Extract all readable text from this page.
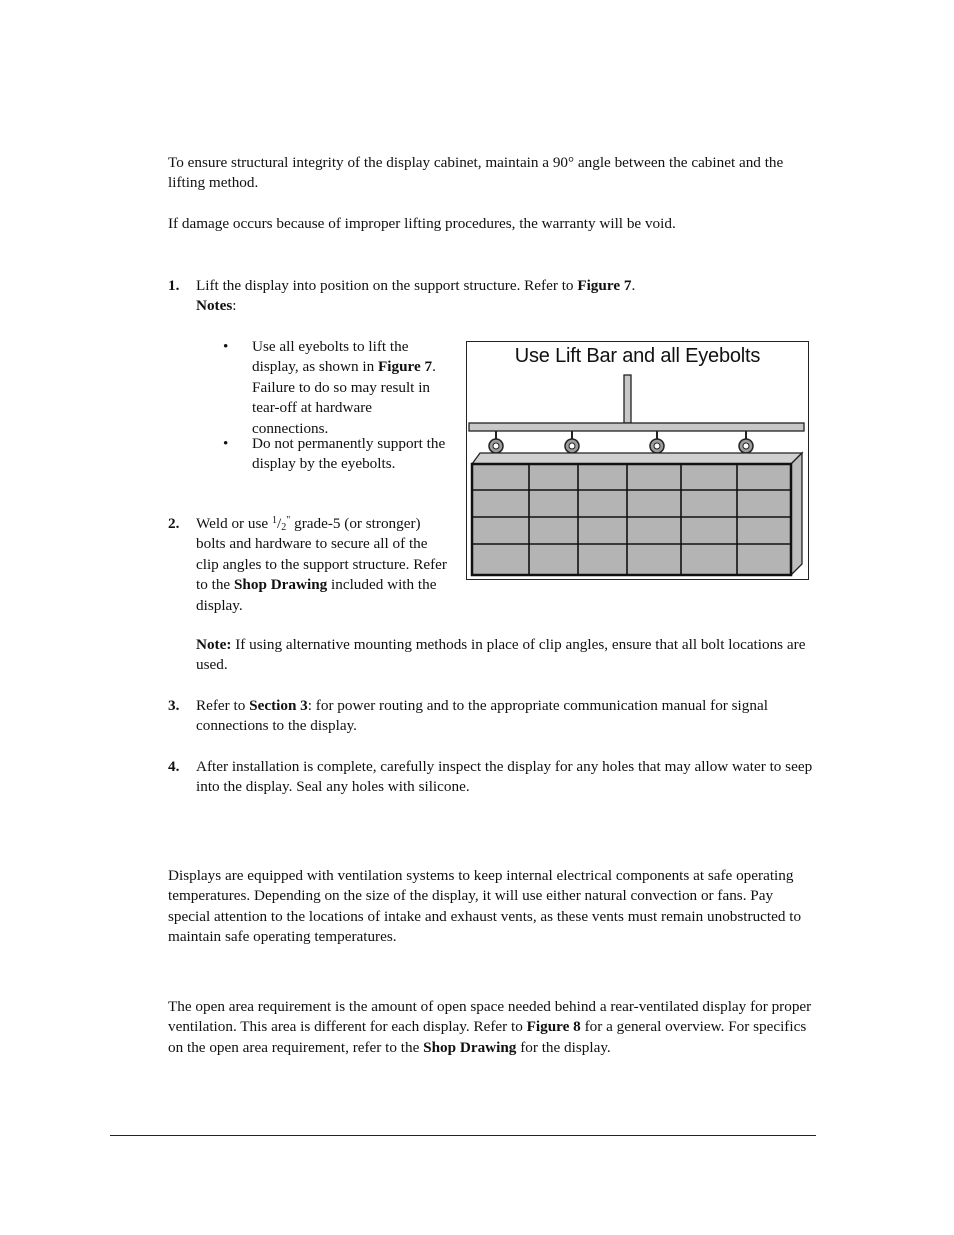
To ensure structural integrity of the display cabinet, maintain a 90° angle between the cabinet and the lifting method.

If damage occurs because of improper lifting procedures, the warranty will be void.

1. Lift the display into position on the support structure. Refer to Figure 7.

Notes:

• Use all eyebolts to lift the display, as shown in Figure 7. Failure to do so may result in tear-off at hardware connections.

• Do not permanently support the display by the eyebolts.

2. Weld or use $^1/_2^"$ grade-5 (or stronger) bolts and hardware to secure all of the clip angles to the support structure. Refer to the Shop Drawing included with the display.

Use Lift Bar and all Eyebolts

Note: If using alternative mounting methods in place of clip angles, ensure that all bolt locations are used.

3. Refer to Section 3: for power routing and to the appropriate communication manual for signal connections to the display.

4. After installation is complete, carefully inspect the display for any holes that may allow water to seep into the display. Seal any holes with silicone.

Displays are equipped with ventilation systems to keep internal electrical components at safe operating temperatures. Depending on the size of the display, it will use either natural convection or fans. Pay special attention to the locations of intake and exhaust vents, as these vents must remain unobstructed to maintain safe operating temperatures.

The open area requirement is the amount of open space needed behind a rear-ventilated display for proper ventilation. This area is different for each display. Refer to Figure 8 for a general overview. For specifics on the open area requirement, refer to the Shop Drawing for the display.
